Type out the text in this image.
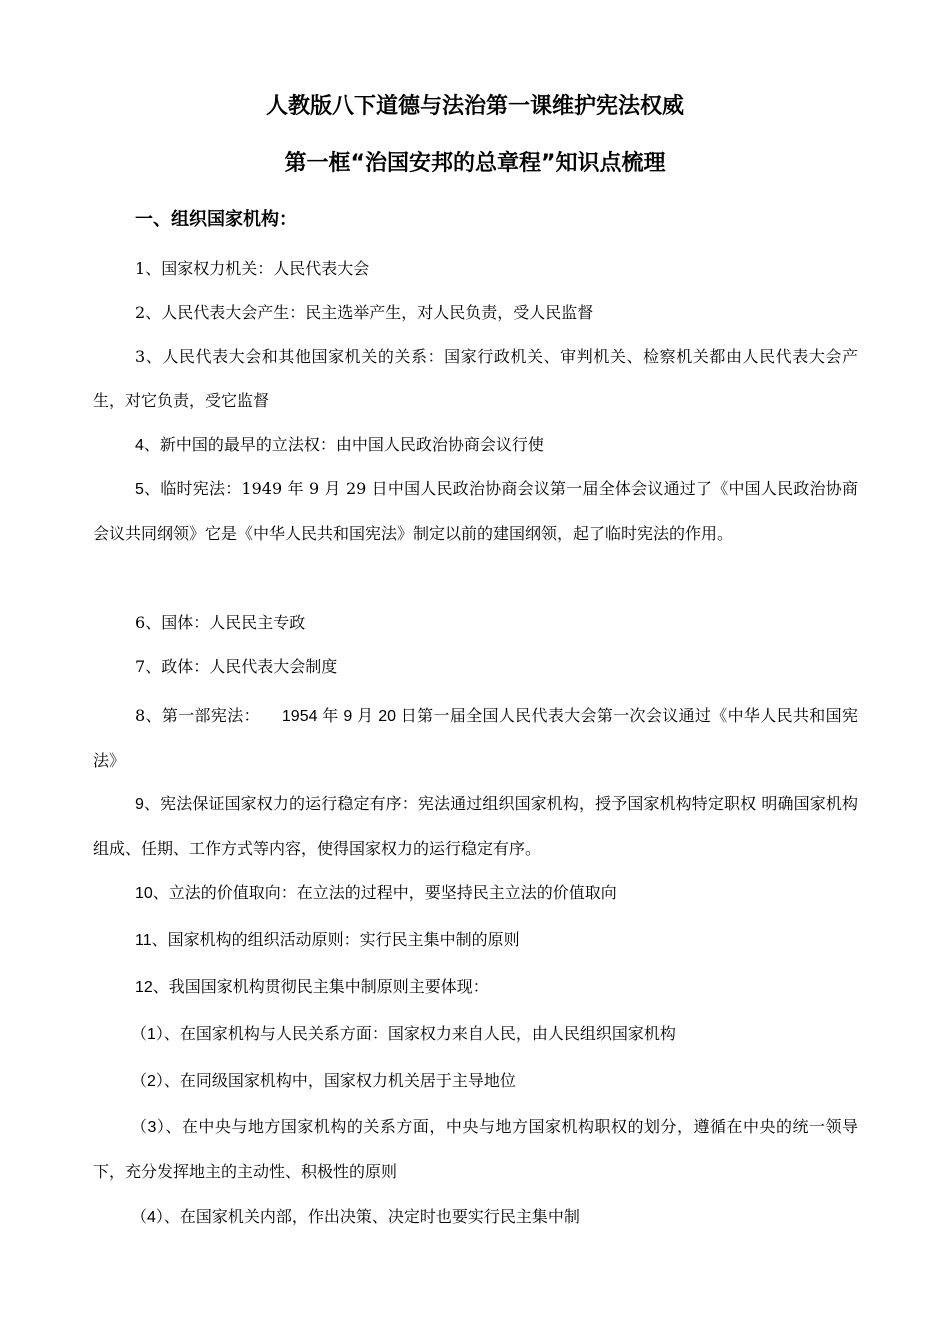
人教版八下道德与法治第一课维护宪法权威
第一框“治国安邦的总章程”知识点梳理
一、组织国家机构：
1、国家权力机关：人民代表大会
2、人民代表大会产生：民主选举产生，对人民负责，受人民监督
3、人民代表大会和其他国家机关的关系：国家行政机关、审判机关、检察机关都由人民代表大会产生，对它负责，受它监督
4、新中国的最早的立法权：由中国人民政治协商会议行使
5、临时宪法：1949 年 9 月 29 日中国人民政治协商会议第一届全体会议通过了《中国人民政治协商会议共同纲领》它是《中华人民共和国宪法》制定以前的建国纲领，起了临时宪法的作用。
6、国体：人民民主专政
7、政体：人民代表大会制度
8、第一部宪法： 1954 年 9 月 20 日第一届全国人民代表大会第一次会议通过《中华人民共和国宪法》
9、宪法保证国家权力的运行稳定有序：宪法通过组织国家机构，授予国家机构特定职权 明确国家机构组成、任期、工作方式等内容，使得国家权力的运行稳定有序。
10、立法的价值取向：在立法的过程中，要坚持民主立法的价值取向
11、国家机构的组织活动原则：实行民主集中制的原则
12、我国国家机构贯彻民主集中制原则主要体现：
（1）、在国家机构与人民关系方面：国家权力来自人民，由人民组织国家机构
（2）、在同级国家机构中，国家权力机关居于主导地位
（3）、在中央与地方国家机构的关系方面，中央与地方国家机构职权的划分，遵循在中央的统一领导下，充分发挥地主的主动性、积极性的原则
（4）、在国家机关内部，作出决策、决定时也要实行民主集中制
